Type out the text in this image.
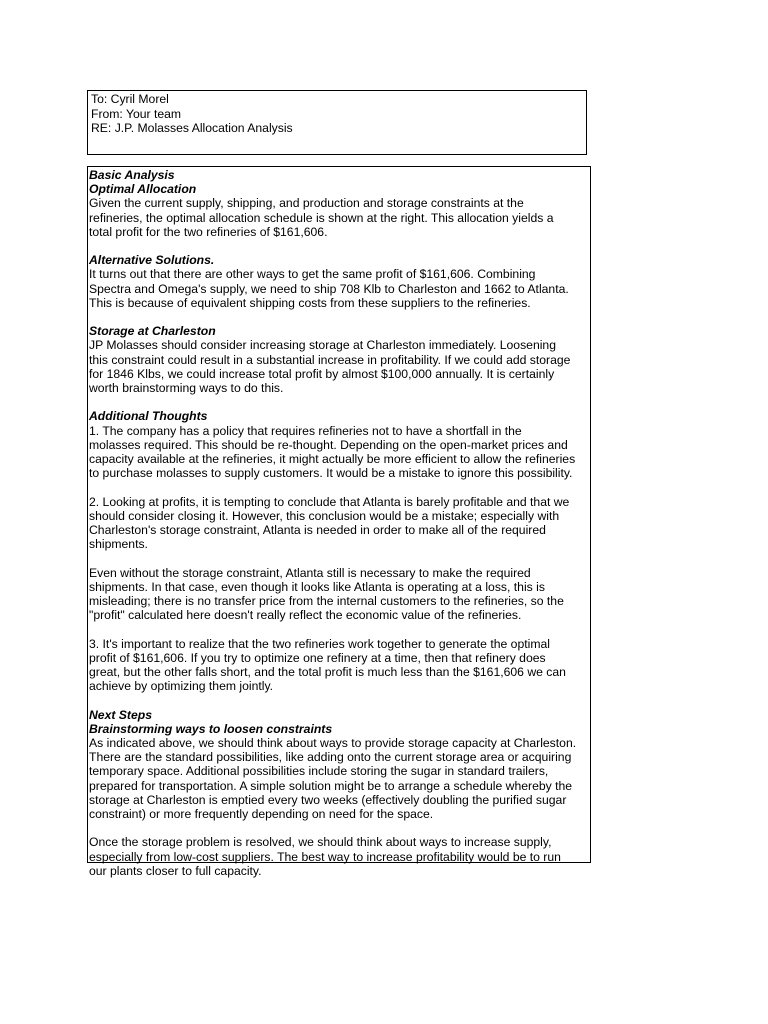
To: Cyril Morel
From: Your team
RE: J.P. Molasses Allocation Analysis
Basic Analysis
Optimal Allocation

Given the current supply, shipping, and production and storage constraints at the
refineries, the optimal allocation schedule is shown at the right. This allocation yields a
total profit for the two refineries of $161,606.

Alternative Solutions.

It turns out that there are other ways to get the same profit of $161,606. Combining
Spectra and Omega's supply, we need to ship 708 Klb to Charleston and 1662 to Atlanta.
This is because of equivalent shipping costs from these suppliers to the refineries.

Storage at Charleston

JP Molasses should consider increasing storage at Charleston immediately. Loosening
this constraint could result in a substantial increase in profitability. If we could add storage
for 1846 Klbs, we could increase total profit by almost $100,000 annually. It is certainly
worth brainstorming ways to do this.

Additional Thoughts

1. The company has a policy that requires refineries not to have a shortfall in the
molasses required. This should be re-thought. Depending on the open-market prices and
capacity available at the refineries, it might actually be more efficient to allow the refineries
to purchase molasses to supply customers. It would be a mistake to ignore this possibility.

2. Looking at profits, it is tempting to conclude that Atlanta is barely profitable and that we
should consider closing it. However, this conclusion would be a mistake; especially with
Charleston's storage constraint, Atlanta is needed in order to make all of the required
shipments.

Even without the storage constraint, Atlanta still is necessary to make the required
shipments. In that case, even though it looks like Atlanta is operating at a loss, this is
misleading; there is no transfer price from the internal customers to the refineries, so the
"profit" calculated here doesn't really reflect the economic value of the refineries.

3. It's important to realize that the two refineries work together to generate the optimal
profit of $161,606. If you try to optimize one refinery at a time, then that refinery does
great, but the other falls short, and the total profit is much less than the $161,606 we can
achieve by optimizing them jointly.

Next Steps
Brainstorming ways to loosen constraints

As indicated above, we should think about ways to provide storage capacity at Charleston.
There are the standard possibilities, like adding onto the current storage area or acquiring
temporary space. Additional possibilities include storing the sugar in standard trailers,
prepared for transportation. A simple solution might be to arrange a schedule whereby the
storage at Charleston is emptied every two weeks (effectively doubling the purified sugar
constraint) or more frequently depending on need for the space.

Once the storage problem is resolved, we should think about ways to increase supply,
especially from low-cost suppliers. The best way to increase profitability would be to run
our plants closer to full capacity.
